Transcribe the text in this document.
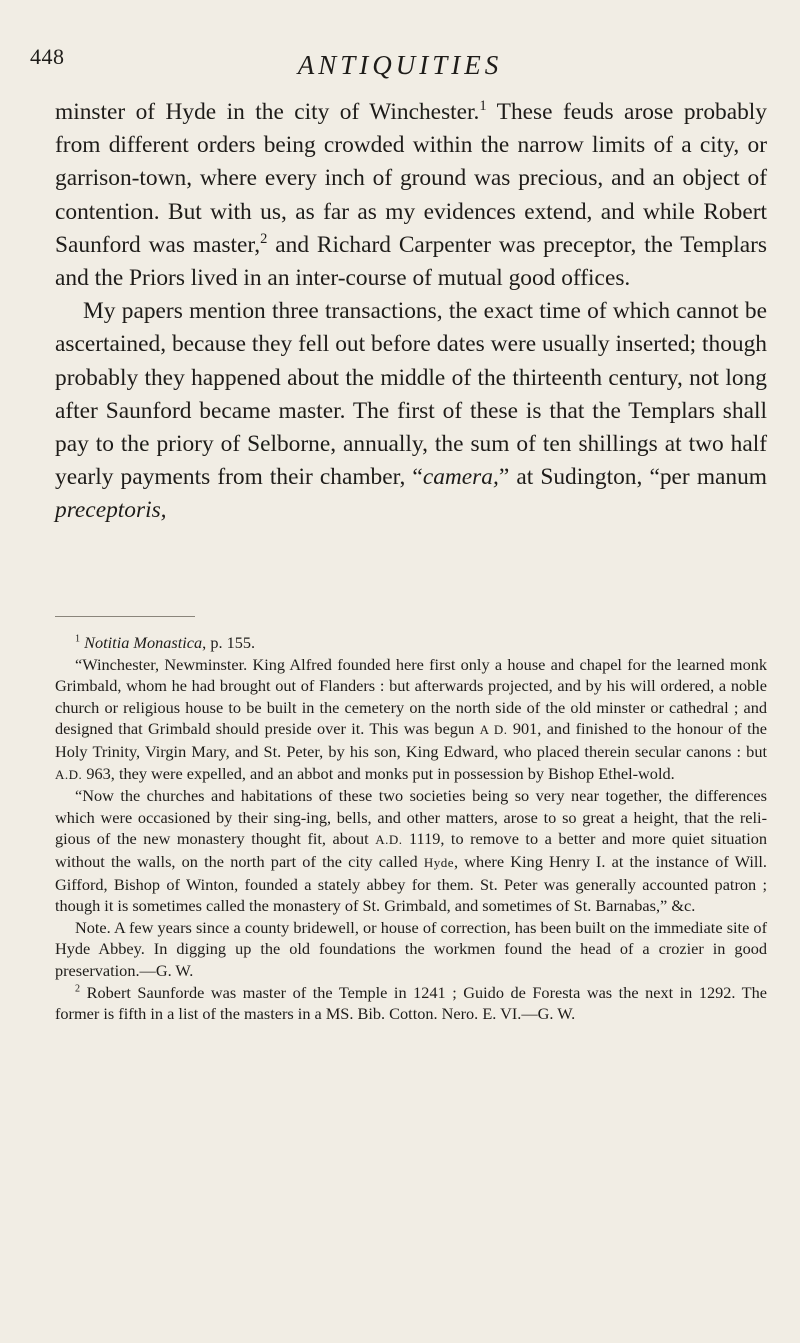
448	ANTIQUITIES

minster of Hyde in the city of Winchester.$^1$ These feuds arose probably from different orders being crowded within the narrow limits of a city, or garrison-town, where every inch of ground was precious, and an object of contention. But with us, as far as my evidences extend, and while Robert Saunford was master,$^2$ and Richard Carpenter was preceptor, the Templars and the Priors lived in an inter-course of mutual good offices.

My papers mention three transactions, the exact time of which cannot be ascertained, because they fell out before dates were usually inserted; though probably they happened about the middle of the thirteenth century, not long after Saunford became master. The first of these is that the Templars shall pay to the priory of Selborne, annually, the sum of ten shillings at two half yearly payments from their chamber, “camera,” at Sudington, “per manum preceptoris,

$^1$ Notitia Monastica, p. 155.

“Winchester, Newminster. King Alfred founded here first only a house and chapel for the learned monk Grimbald, whom he had brought out of Flanders : but afterwards projected, and by his will ordered, a noble church or religious house to be built in the cemetery on the north side of the old minster or cathedral ; and designed that Grimbald should preside over it. This was begun A D. 901, and finished to the honour of the Holy Trinity, Virgin Mary, and St. Peter, by his son, King Edward, who placed therein secular canons : but A.D. 963, they were expelled, and an abbot and monks put in possession by Bishop Ethel-wold.

“Now the churches and habitations of these two societies being so very near together, the differences which were occasioned by their sing-ing, bells, and other matters, arose to so great a height, that the reli-gious of the new monastery thought fit, about A.D. 1119, to remove to a better and more quiet situation without the walls, on the north part of the city called Hyde, where King Henry I. at the instance of Will. Gifford, Bishop of Winton, founded a stately abbey for them. St. Peter was generally accounted patron ; though it is sometimes called the monastery of St. Grimbald, and sometimes of St. Barnabas,” &c.

Note. A few years since a county bridewell, or house of correction, has been built on the immediate site of Hyde Abbey. In digging up the old foundations the workmen found the head of a crozier in good preservation.—G. W.

$^2$ Robert Saunforde was master of the Temple in 1241 ; Guido de Foresta was the next in 1292. The former is fifth in a list of the masters in a MS. Bib. Cotton. Nero. E. VI.—G. W.
